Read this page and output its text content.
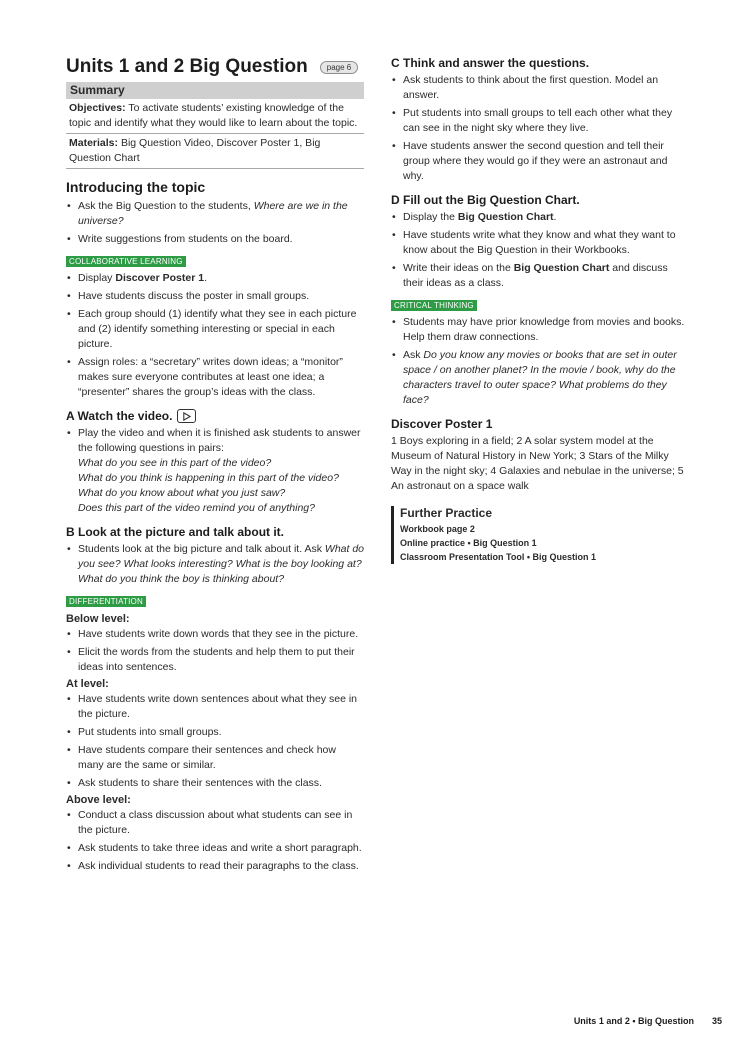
Units 1 and 2 Big Question	page 6
Summary
Objectives: To activate students’ existing knowledge of the topic and identify what they would like to learn about the topic.
Materials: Big Question Video, Discover Poster 1, Big Question Chart
Introducing the topic
• Ask the Big Question to the students, Where are we in the universe?
• Write suggestions from students on the board.
COLLABORATIVE LEARNING
• Display Discover Poster 1.
• Have students discuss the poster in small groups.
• Each group should (1) identify what they see in each picture and (2) identify something interesting or special in each picture.
• Assign roles: a “secretary” writes down ideas; a “monitor” makes sure everyone contributes at least one idea; a “presenter” shares the group’s ideas with the class.
A Watch the video.
• Play the video and when it is finished ask students to answer the following questions in pairs:
What do you see in this part of the video?
What do you think is happening in this part of the video?
What do you know about what you just saw?
Does this part of the video remind you of anything?
B Look at the picture and talk about it.
• Students look at the big picture and talk about it. Ask What do you see? What looks interesting? What is the boy looking at? What do you think the boy is thinking about?
DIFFERENTIATION
Below level:
• Have students write down words that they see in the picture.
• Elicit the words from the students and help them to put their ideas into sentences.
At level:
• Have students write down sentences about what they see in the picture.
• Put students into small groups.
• Have students compare their sentences and check how many are the same or similar.
• Ask students to share their sentences with the class.
Above level:
• Conduct a class discussion about what students can see in the picture.
• Ask students to take three ideas and write a short paragraph.
• Ask individual students to read their paragraphs to the class.
C Think and answer the questions.
• Ask students to think about the first question. Model an answer.
• Put students into small groups to tell each other what they can see in the night sky where they live.
• Have students answer the second question and tell their group where they would go if they were an astronaut and why.
D Fill out the Big Question Chart.
• Display the Big Question Chart.
• Have students write what they know and what they want to know about the Big Question in their Workbooks.
• Write their ideas on the Big Question Chart and discuss their ideas as a class.
CRITICAL THINKING
• Students may have prior knowledge from movies and books. Help them draw connections.
• Ask Do you know any movies or books that are set in outer space / on another planet? In the movie / book, why do the characters travel to outer space? What problems do they face?
Discover Poster 1

1 Boys exploring in a field; 2 A solar system model at the Museum of Natural History in New York; 3 Stars of the Milky Way in the night sky; 4 Galaxies and nebulae in the universe; 5 An astronaut on a space walk

Further Practice
Workbook page 2
Online practice • Big Question 1
Classroom Presentation Tool • Big Question 1
Units 1 and 2 • Big Question 35
